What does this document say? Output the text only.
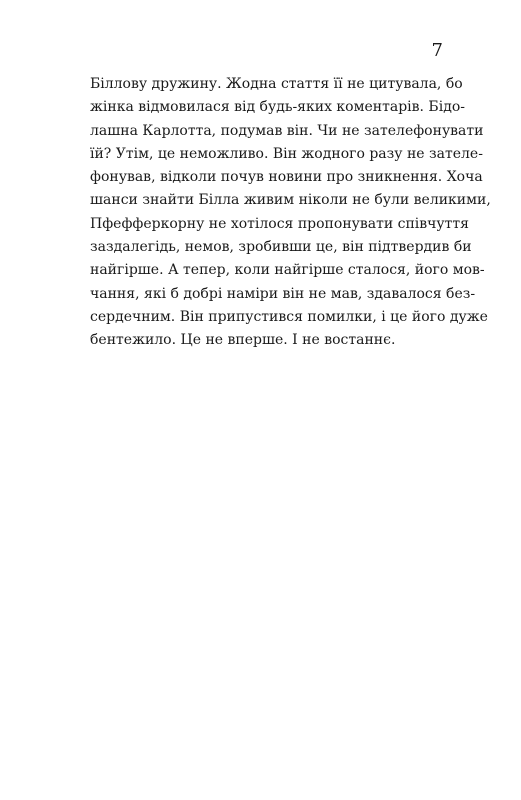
7
Біллову дружину. Жодна стаття її не цитувала, бо
жінка відмовилася від будь-яких коментарів. Бідо-
лашна Карлотта, подумав він. Чи не зателефонувати
їй? Утім, це неможливо. Він жодного разу не зателе-
фонував, відколи почув новини про зникнення. Хоча
шанси знайти Білла живим ніколи не були великими,
Пфефферкорну не хотілося пропонувати співчуття
заздалегідь, немов, зробивши це, він підтвердив би
найгірше. А тепер, коли найгірше сталося, його мов-
чання, які б добрі наміри він не мав, здавалося без-
сердечним. Він припустився помилки, і це його дуже
бентежило. Це не вперше. І не востаннє.
